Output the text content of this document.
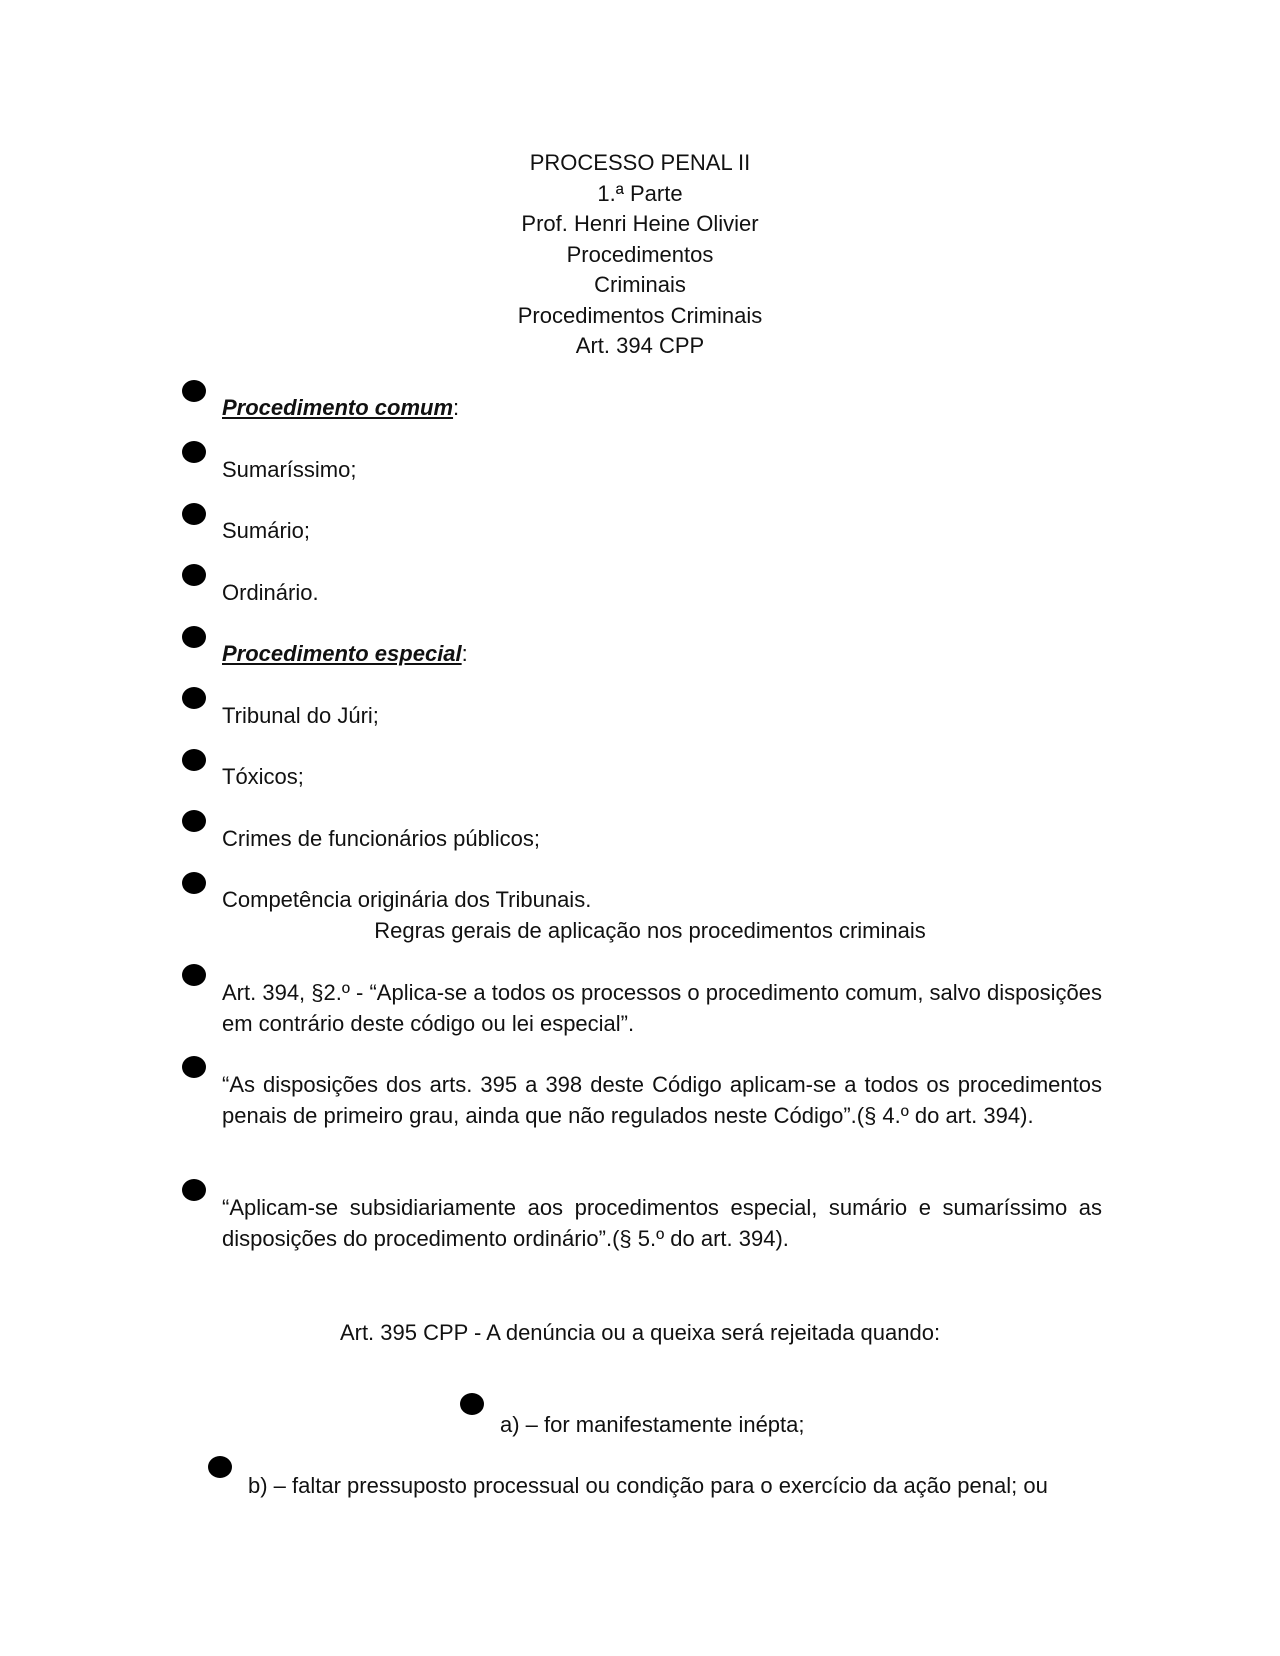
PROCESSO PENAL II
1.ª Parte
Prof. Henri Heine Olivier
Procedimentos
Criminais
Procedimentos Criminais
Art. 394 CPP
Procedimento comum:
Sumaríssimo;
Sumário;
Ordinário.
Procedimento especial:
Tribunal do Júri;
Tóxicos;
Crimes de funcionários públicos;
Competência originária dos Tribunais.
Regras gerais de aplicação nos procedimentos criminais
Art. 394, §2.º - “Aplica-se a todos os processos o procedimento comum, salvo disposições em contrário deste código ou lei especial”.
“As disposições dos arts. 395 a 398 deste Código aplicam-se a todos os procedimentos penais de primeiro grau, ainda que não regulados neste Código”.(§ 4.º do art. 394).
“Aplicam-se subsidiariamente aos procedimentos especial, sumário e sumaríssimo as disposições do procedimento ordinário”.(§ 5.º do art. 394).
Art. 395 CPP - A denúncia ou a queixa será rejeitada quando:
a) – for manifestamente inépta;
b) – faltar pressuposto processual ou condição para o exercício da ação penal; ou
